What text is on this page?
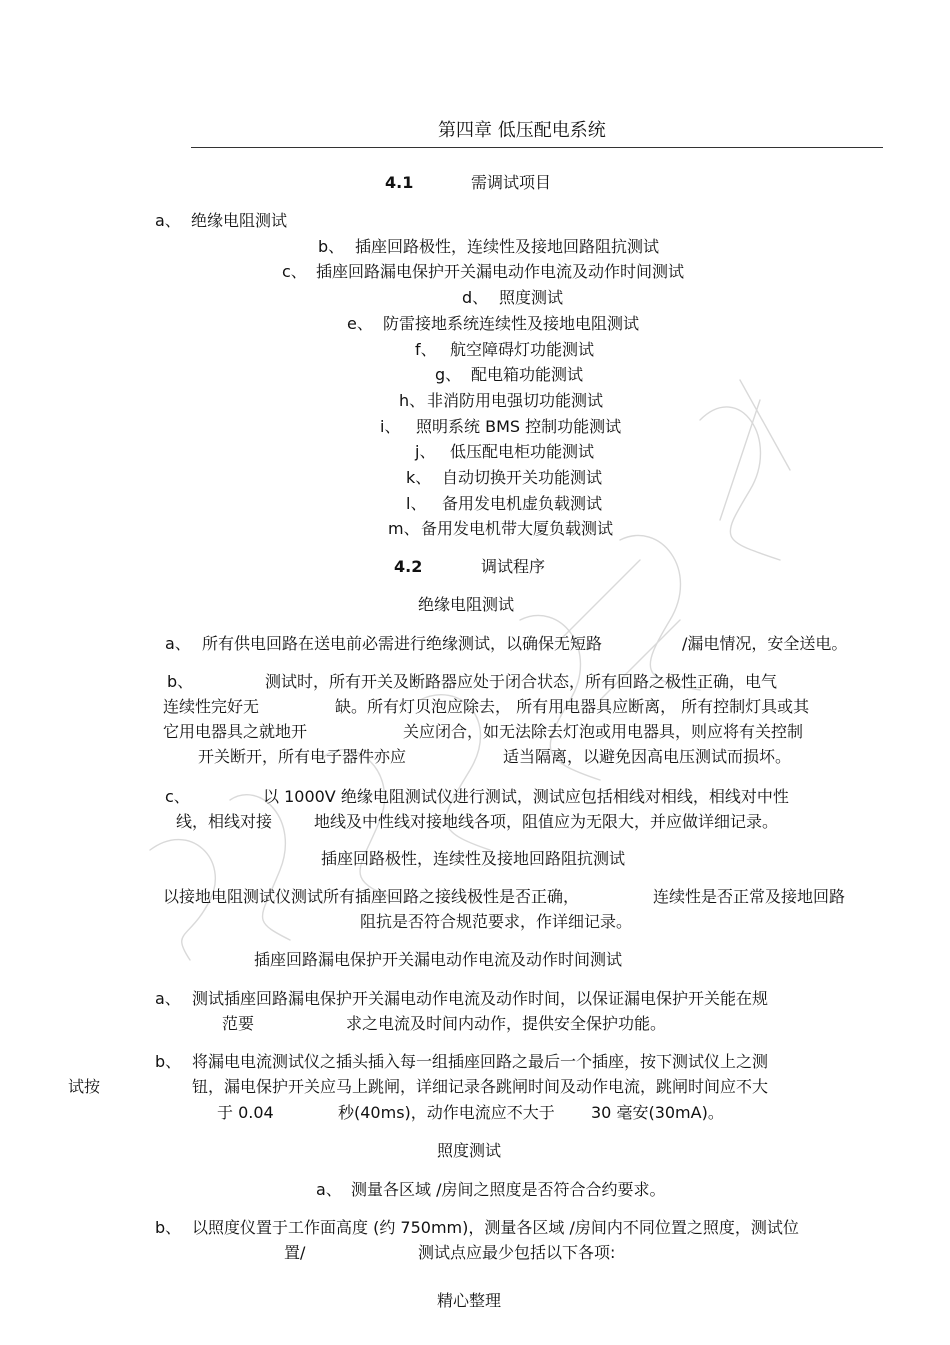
第四章 低压配电系统
4.1	需调试项目
a、 绝缘电阻测试
b、 插座回路极性，连续性及接地回路阻抗测试
c、 插座回路漏电保护开关漏电动作电流及动作时间测试
d、 照度测试
e、 防雷接地系统连续性及接地电阻测试
f、 航空障碍灯功能测试
g、 配电箱功能测试
h、 非消防用电强切功能测试
i、 照明系统 BMS 控制功能测试
j、 低压配电柜功能测试
k、 自动切换开关功能测试
l、 备用发电机虚负载测试
m、 备用发电机带大厦负载测试
4.2	调试程序
绝缘电阻测试
a、 所有供电回路在送电前必需进行绝缘测试，以确保无短路	/漏电情况，安全送电。
b、	测试时，所有开关及断路器应处于闭合状态，所有回路之极性正确，电气
连续性完好无	缺。所有灯贝泡应除去， 所有用电器具应断离， 所有控制灯具或其
它用电器具之就地开	关应闭合，如无法除去灯泡或用电器具，则应将有关控制
开关断开，所有电子器件亦应	适当隔离，以避免因高电压测试而损坏。
c、	以 1000V 绝缘电阻测试仪进行测试，测试应包括相线对相线，相线对中性
线，相线对接	地线及中性线对接地线各项，阻值应为无限大，并应做详细记录。
插座回路极性，连续性及接地回路阻抗测试
以接地电阻测试仪测试所有插座回路之接线极性是否正确，	连续性是否正常及接地回路
阻抗是否符合规范要求，作详细记录。
插座回路漏电保护开关漏电动作电流及动作时间测试
a、 测试插座回路漏电保护开关漏电动作电流及动作时间，以保证漏电保护开关能在规
范要	求之电流及时间内动作，提供安全保护功能。
b、 将漏电电流测试仪之插头插入每一组插座回路之最后一个插座，按下测试仪上之测
试按	钮，漏电保护开关应马上跳闸，详细记录各跳闸时间及动作电流，跳闸时间应不大
于 0.04	秒(40ms)，动作电流应不大于 30 毫安(30mA)。
照度测试
a、 测量各区域 /房间之照度是否符合合约要求。
b、 以照度仪置于工作面高度 (约 750mm)，测量各区域 /房间内不同位置之照度，测试位
置/	测试点应最少包括以下各项:
精心整理
